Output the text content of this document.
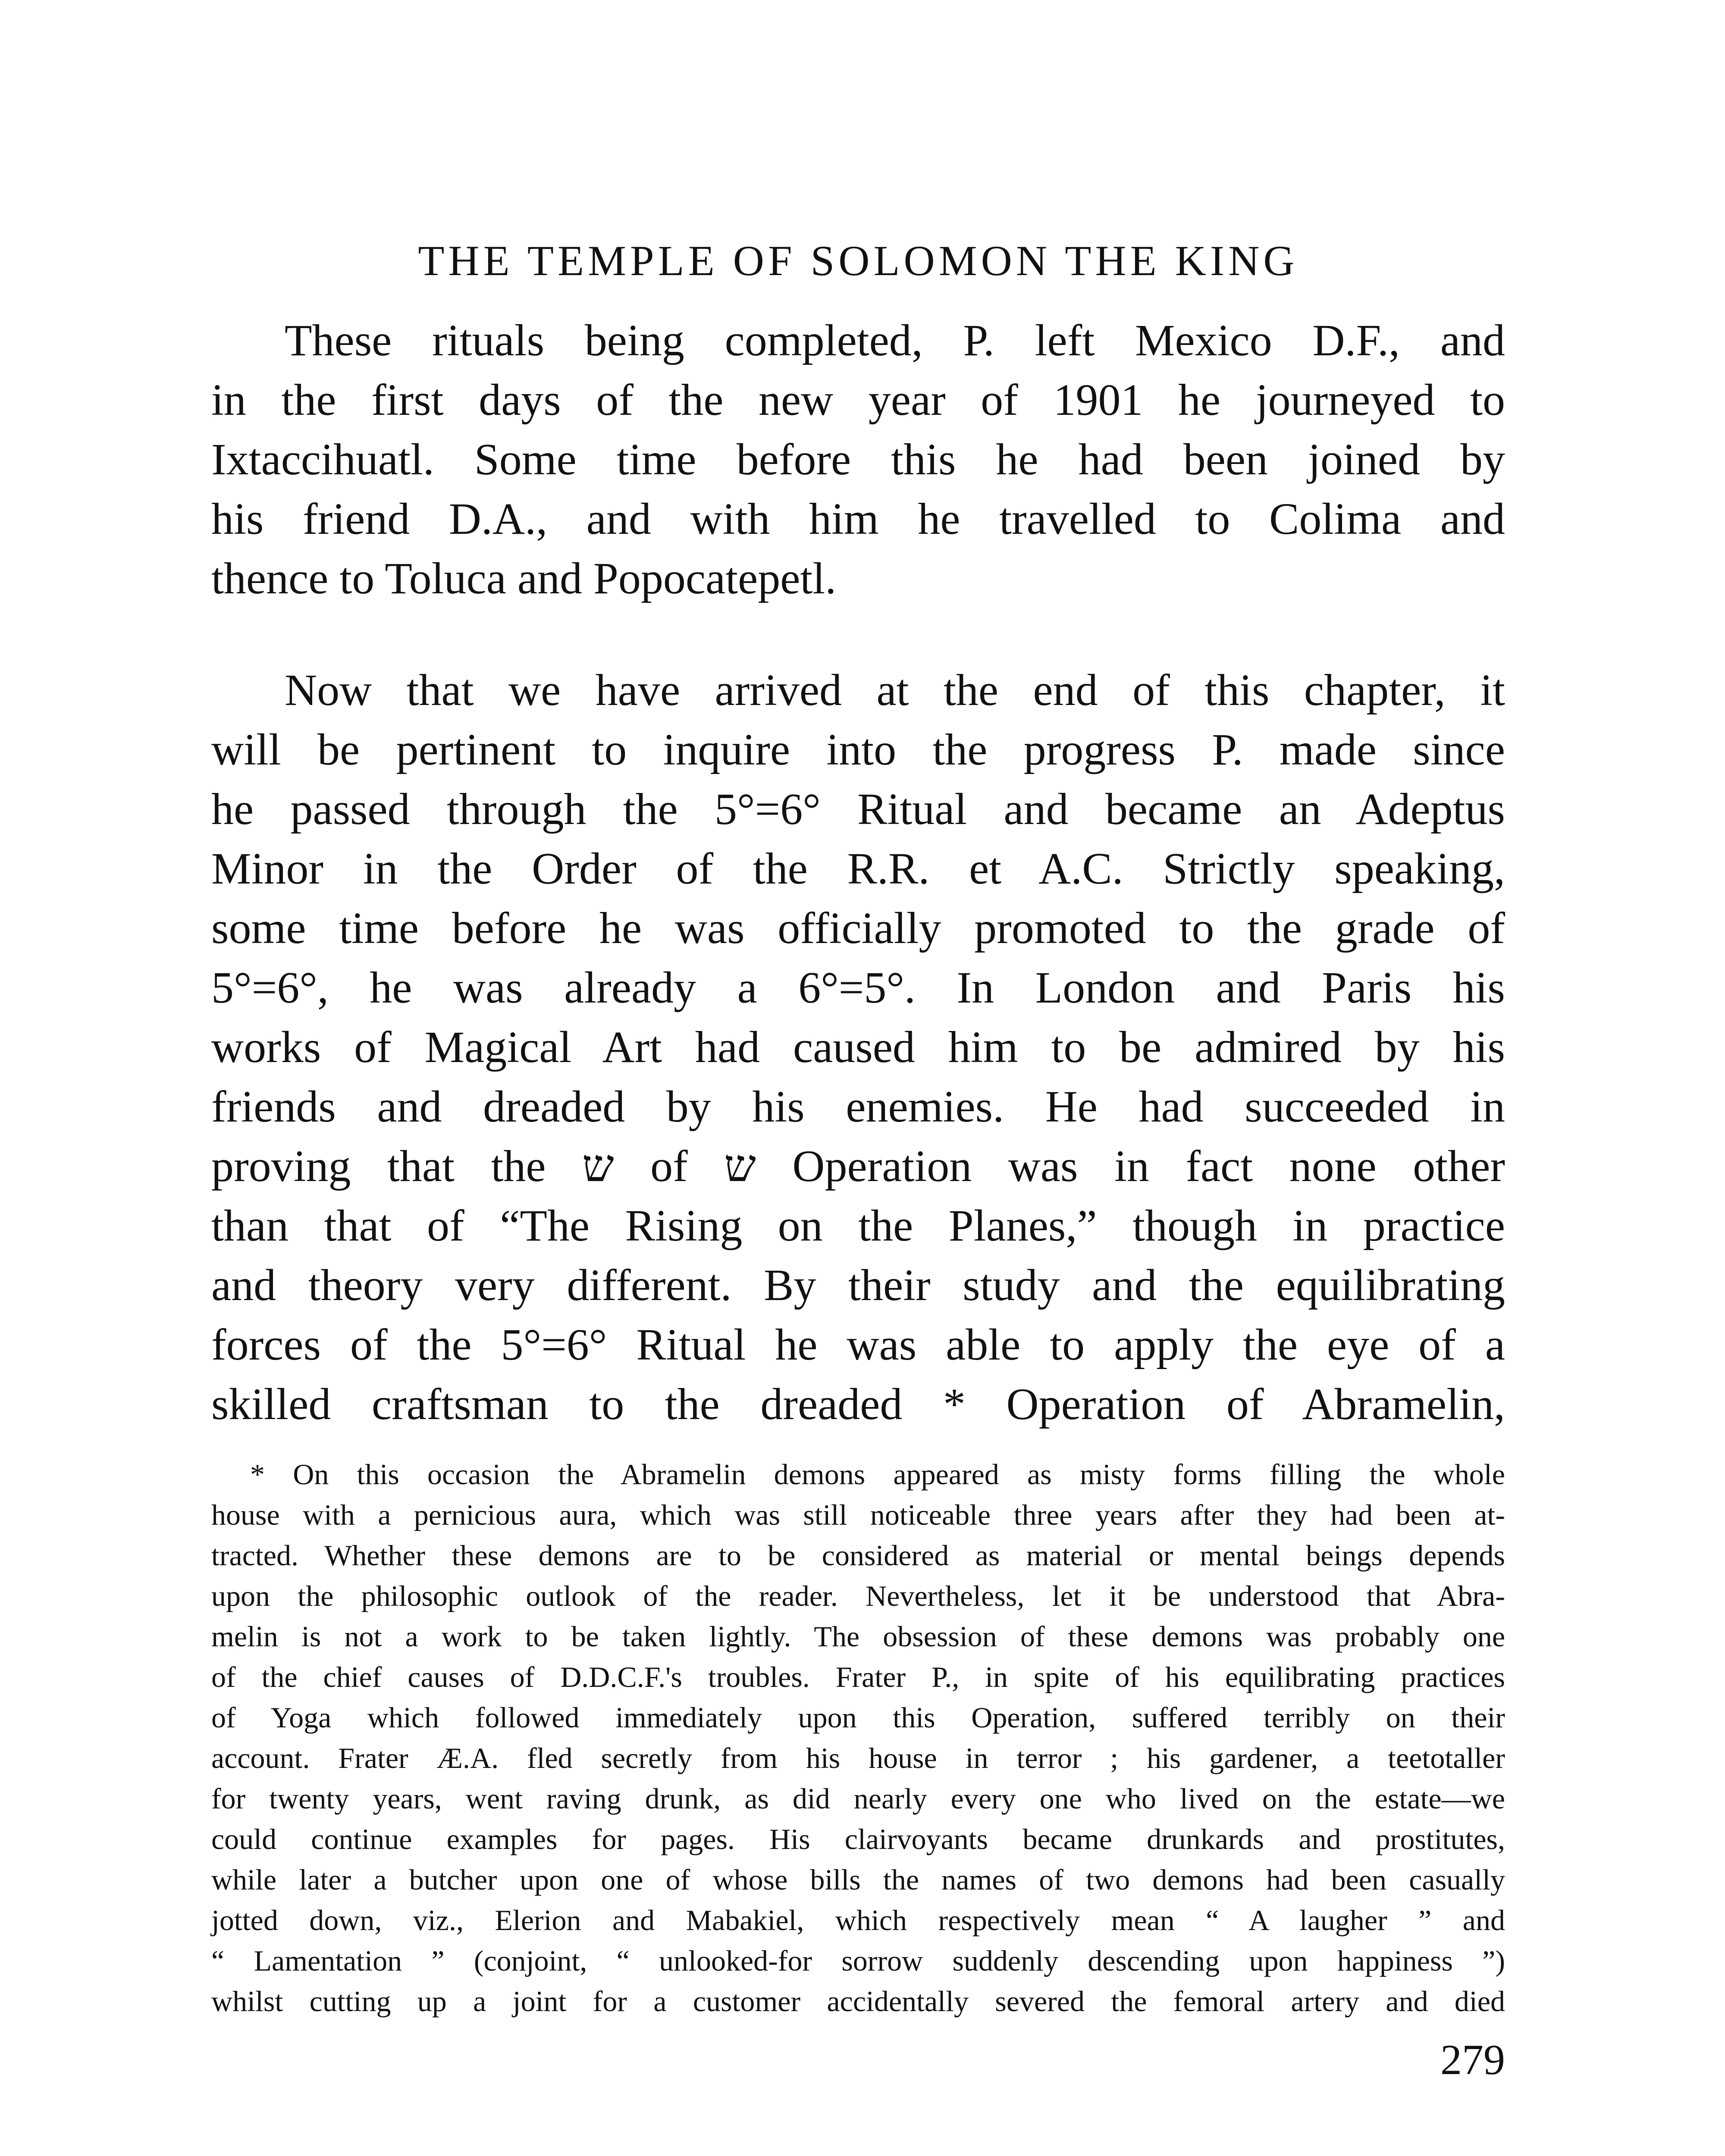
THE TEMPLE OF SOLOMON THE KING
These rituals being completed, P. left Mexico D.F., and
in the first days of the new year of 1901 he journeyed to
Ixtaccihuatl. Some time before this he had been joined by
his friend D.A., and with him he travelled to Colima and
thence to Toluca and Popocatepetl.
Now that we have arrived at the end of this chapter, it
will be pertinent to inquire into the progress P. made since
he passed through the 5°=6° Ritual and became an Adeptus
Minor in the Order of the R.R. et A.C. Strictly speaking,
some time before he was officially promoted to the grade of
5°=6°, he was already a 6°=5°. In London and Paris his
works of Magical Art had caused him to be admired by his
friends and dreaded by his enemies. He had succeeded in
proving that the ש of ש Operation was in fact none other
than that of “The Rising on the Planes,” though in practice
and theory very different. By their study and the equilibrating
forces of the 5°=6° Ritual he was able to apply the eye of a
skilled craftsman to the dreaded * Operation of Abramelin,
* On this occasion the Abramelin demons appeared as misty forms filling the whole
house with a pernicious aura, which was still noticeable three years after they had been at-
tracted. Whether these demons are to be considered as material or mental beings depends
upon the philosophic outlook of the reader. Nevertheless, let it be understood that Abra-
melin is not a work to be taken lightly. The obsession of these demons was probably one
of the chief causes of D.D.C.F.'s troubles. Frater P., in spite of his equilibrating practices
of Yoga which followed immediately upon this Operation, suffered terribly on their
account. Frater Æ.A. fled secretly from his house in terror ; his gardener, a teetotaller
for twenty years, went raving drunk, as did nearly every one who lived on the estate—we
could continue examples for pages. His clairvoyants became drunkards and prostitutes,
while later a butcher upon one of whose bills the names of two demons had been casually
jotted down, viz., Elerion and Mabakiel, which respectively mean “ A laugher ” and
“ Lamentation ” (conjoint, “ unlooked-for sorrow suddenly descending upon happiness ”)
whilst cutting up a joint for a customer accidentally severed the femoral artery and died
279
